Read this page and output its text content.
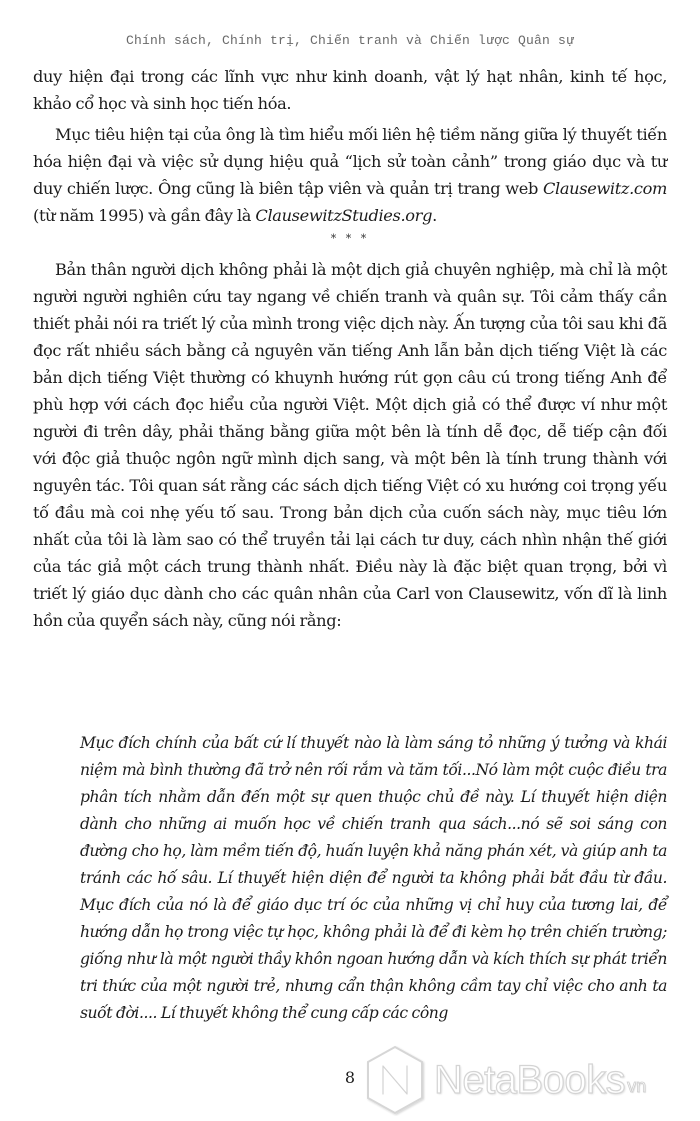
Chính sách, Chính trị, Chiến tranh và Chiến lược Quân sự

duy hiện đại trong các lĩnh vực như kinh doanh, vật lý hạt nhân, kinh tế học, khảo cổ học và sinh học tiến hóa.

Mục tiêu hiện tại của ông là tìm hiểu mối liên hệ tiềm năng giữa lý thuyết tiến hóa hiện đại và việc sử dụng hiệu quả “lịch sử toàn cảnh” trong giáo dục và tư duy chiến lược. Ông cũng là biên tập viên và quản trị trang web Clausewitz.com (từ năm 1995) và gần đây là ClausewitzStudies.org.

* * *

Bản thân người dịch không phải là một dịch giả chuyên nghiệp, mà chỉ là một người người nghiên cứu tay ngang về chiến tranh và quân sự. Tôi cảm thấy cần thiết phải nói ra triết lý của mình trong việc dịch này. Ấn tượng của tôi sau khi đã đọc rất nhiều sách bằng cả nguyên văn tiếng Anh lẫn bản dịch tiếng Việt là các bản dịch tiếng Việt thường có khuynh hướng rút gọn câu cú trong tiếng Anh để phù hợp với cách đọc hiểu của người Việt. Một dịch giả có thể được ví như một người đi trên dây, phải thăng bằng giữa một bên là tính dễ đọc, dễ tiếp cận đối với độc giả thuộc ngôn ngữ mình dịch sang, và một bên là tính trung thành với nguyên tác. Tôi quan sát rằng các sách dịch tiếng Việt có xu hướng coi trọng yếu tố đầu mà coi nhẹ yếu tố sau. Trong bản dịch của cuốn sách này, mục tiêu lớn nhất của tôi là làm sao có thể truyền tải lại cách tư duy, cách nhìn nhận thế giới của tác giả một cách trung thành nhất. Điều này là đặc biệt quan trọng, bởi vì triết lý giáo dục dành cho các quân nhân của Carl von Clausewitz, vốn dĩ là linh hồn của quyển sách này, cũng nói rằng:

Mục đích chính của bất cứ lí thuyết nào là làm sáng tỏ những ý tưởng và khái niệm mà bình thường đã trở nên rối rắm và tăm tối...Nó làm một cuộc điều tra phân tích nhằm dẫn đến một sự quen thuộc chủ đề này. Lí thuyết hiện diện dành cho những ai muốn học về chiến tranh qua sách...nó sẽ soi sáng con đường cho họ, làm mềm tiến độ, huấn luyện khả năng phán xét, và giúp anh ta tránh các hố sâu. Lí thuyết hiện diện để người ta không phải bắt đầu từ đầu. Mục đích của nó là để giáo dục trí óc của những vị chỉ huy của tương lai, để hướng dẫn họ trong việc tự học, không phải là để đi kèm họ trên chiến trường; giống như là một người thầy khôn ngoan hướng dẫn và kích thích sự phát triển tri thức của một người trẻ, nhưng cẩn thận không cầm tay chỉ việc cho anh ta suốt đời.... Lí thuyết không thể cung cấp các công

8 NetaBooks vn
